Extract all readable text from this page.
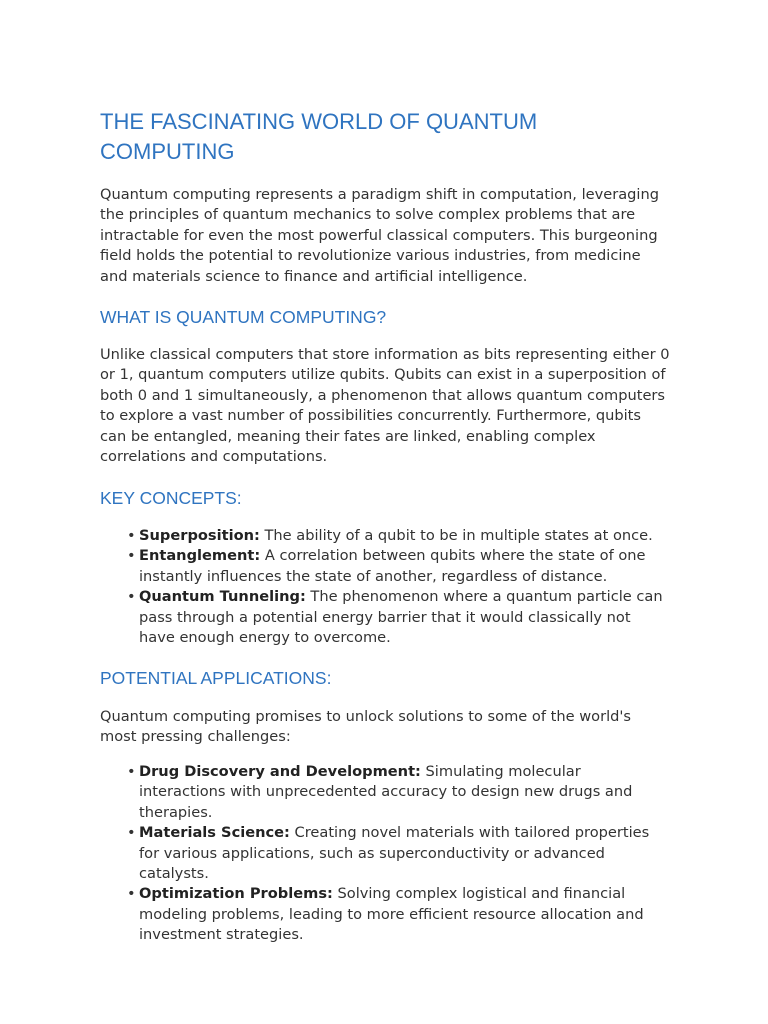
THE FASCINATING WORLD OF QUANTUM COMPUTING

Quantum computing represents a paradigm shift in computation, leveraging the principles of quantum mechanics to solve complex problems that are intractable for even the most powerful classical computers. This burgeoning field holds the potential to revolutionize various industries, from medicine and materials science to finance and artificial intelligence.

WHAT IS QUANTUM COMPUTING?

Unlike classical computers that store information as bits representing either 0 or 1, quantum computers utilize qubits. Qubits can exist in a superposition of both 0 and 1 simultaneously, a phenomenon that allows quantum computers to explore a vast number of possibilities concurrently. Furthermore, qubits can be entangled, meaning their fates are linked, enabling complex correlations and computations.

KEY CONCEPTS:
• Superposition: The ability of a qubit to be in multiple states at once.
• Entanglement: A correlation between qubits where the state of one instantly influences the state of another, regardless of distance.
• Quantum Tunneling: The phenomenon where a quantum particle can pass through a potential energy barrier that it would classically not have enough energy to overcome.
POTENTIAL APPLICATIONS:

Quantum computing promises to unlock solutions to some of the world's most pressing challenges:

• Drug Discovery and Development: Simulating molecular interactions with unprecedented accuracy to design new drugs and therapies.
• Materials Science: Creating novel materials with tailored properties for various applications, such as superconductivity or advanced catalysts.
• Optimization Problems: Solving complex logistical and financial modeling problems, leading to more efficient resource allocation and investment strategies.
